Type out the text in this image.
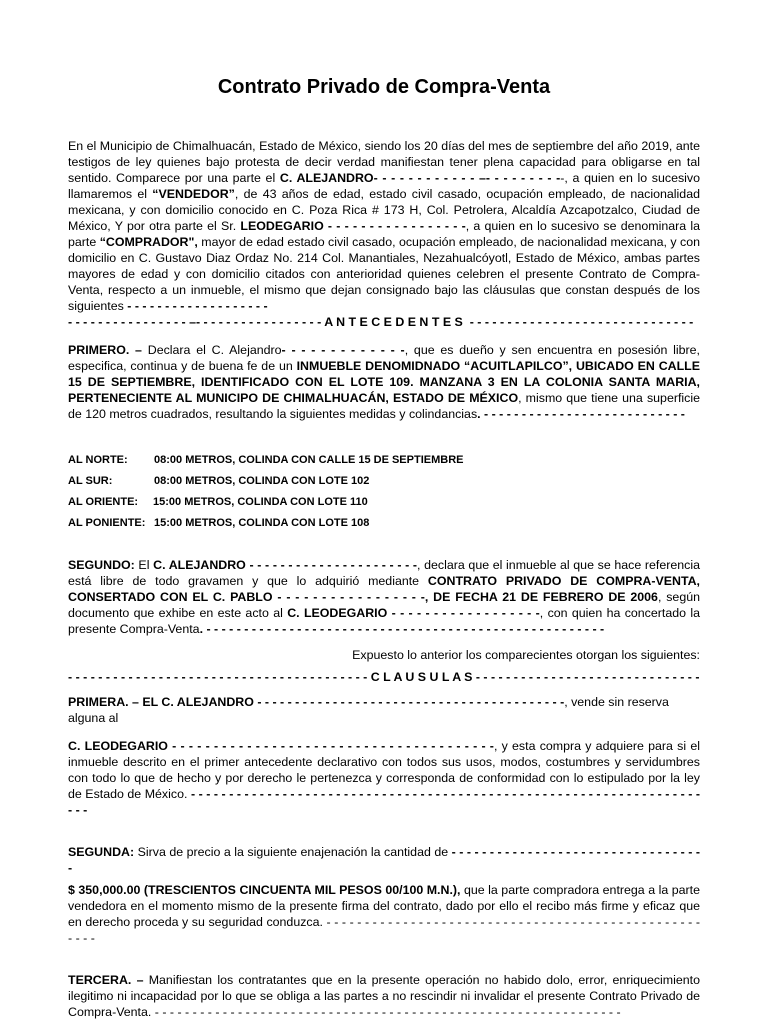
Contrato Privado de Compra-Venta

En el Municipio de Chimalhuacán, Estado de México, siendo los 20 días del mes de septiembre del año 2019, ante testigos de ley quienes bajo protesta de decir verdad manifiestan tener plena capacidad para obligarse en tal sentido. Comparece por una parte el C. ALEJANDRO- - - - - - - - - - - - –- - - - - - - - --, a quien en lo sucesivo llamaremos el “VENDEDOR”, de 43 años de edad, estado civil casado, ocupación empleado, de nacionalidad mexicana, y con domicilio conocido en C. Poza Rica # 173 H, Col. Petrolera, Alcaldía Azcapotzalco, Ciudad de México, Y por otra parte el Sr. LEODEGARIO - - - - - - - - - - - - - - - - -, a quien en lo sucesivo se denominara la parte “COMPRADOR", mayor de edad estado civil casado, ocupación empleado, de nacionalidad mexicana, y con domicilio en C. Gustavo Diaz Ordaz No. 214 Col. Manantiales, Nezahualcóyotl, Estado de México, ambas partes mayores de edad y con domicilio citados con anterioridad quienes celebren el presente Contrato de Compra-Venta, respecto a un inmueble, el mismo que dejan consignado bajo las cláusulas que constan después de los siguientes - - - - - - - - - - - - - - - - - - -

- - - - - - - - - - - - - - - - –- - - - - - - - - - - - - - - - - A N T E C E D E N T E S  - - - - - - - - - - - - - - - - - - - - - - - - - - - - - -

PRIMERO. – Declara el C. Alejandro- - - - - - - - - - - - -, que es dueño y sen encuentra en posesión libre, especifica, continua y de buena fe de un INMUEBLE DENOMIDNADO “ACUITLAPILCO”, UBICADO EN CALLE 15 DE SEPTIEMBRE, IDENTIFICADO CON EL LOTE 109. MANZANA 3 EN LA COLONIA SANTA MARIA, PERTENECIENTE AL MUNICIPO DE CHIMALHUACÁN, ESTADO DE MÉXICO, mismo que tiene una superficie de 120 metros cuadrados, resultando la siguientes medidas y colindancias. - - - - - - - - - - - - - - - - - - - - - - - - - - -

AL NORTE: 08:00 METROS, COLINDA CON CALLE 15 DE SEPTIEMBRE

AL SUR:	08:00 METROS, COLINDA CON LOTE 102

AL ORIENTE: 15:00 METROS, COLINDA CON LOTE 110

AL PONIENTE: 15:00 METROS, COLINDA CON LOTE 108

SEGUNDO: El C. ALEJANDRO - - - - - - - - - - - - - - - - - - - - - -, declara que el inmueble al que se hace referencia está libre de todo gravamen y que lo adquirió mediante CONTRATO PRIVADO DE COMPRA-VENTA, CONSERTADO CON EL C. PABLO - - - - - - - - - - - - - - - - -, DE FECHA 21 DE FEBRERO DE 2006, según documento que exhibe en este acto al C. LEODEGARIO - - - - - - - - - - - - - - - - - -, con quien ha concertado la presente Compra-Venta. - - - - - - - - - - - - - - - - - - - - - - - - - - - - - - - - - - - - - - - - - - - - - - - - - - - - -

Expuesto lo anterior los comparecientes otorgan los siguientes:

- - - - - - - - - - - - - - - - - - - - - - - - - - - - - - - - - - - - - - - - C L A U S U L A S - - - - - - - - - - - - - - - - - - - - - - - - - - - - - -

PRIMERA. – EL C. ALEJANDRO - - - - - - - - - - - - - - - - - - - - - - - - - - - - - - - - - - - - - - - - -, vende sin reserva alguna al

C. LEODEGARIO - - - - - - - - - - - - - - - - - - - - - - - - - - - - - - - - - - - - - - -, y esta compra y adquiere para si el inmueble descrito en el primer antecedente declarativo con todos sus usos, modos, costumbres y servidumbres con todo lo que de hecho y por derecho le pertenezca y corresponda de conformidad con lo estipulado por la ley de Estado de México. - - - - - - - - - - - - - - - - - - - - - - - - - - - - - - - - - - - - - - - - - - - - - - - - - - - - - - - - - - - - - - - - - - - - - -

SEGUNDA: Sirva de precio a la siguiente enajenación la cantidad de - - - - - - - - - - - - - - - - - - - - - - - - - - - - - - - - - -

$ 350,000.00 (TRESCIENTOS CINCUENTA MIL PESOS 00/100 M.N.), que la parte compradora entrega a la parte vendedora en el momento mismo de la presente firma del contrato, dado por ello el recibo más firme y eficaz que en derecho proceda y su seguridad conduzca. - - - - - - - - - - - - - - - - - - - - - - - - - - - - - - - - - - - - - - - - - - - - - - - - - - - - -

TERCERA. – Manifiestan los contratantes que en la presente operación no habido dolo, error, enriquecimiento ilegitimo ni incapacidad por lo que se obliga a las partes a no rescindir ni invalidar el presente Contrato Privado de Compra-Venta. - - - - - - - - - - - - - - - - - - - - - - - - - - - - - - - - - - - - - - - - - - - - - - - - - - - - - - - - - - - - - -
